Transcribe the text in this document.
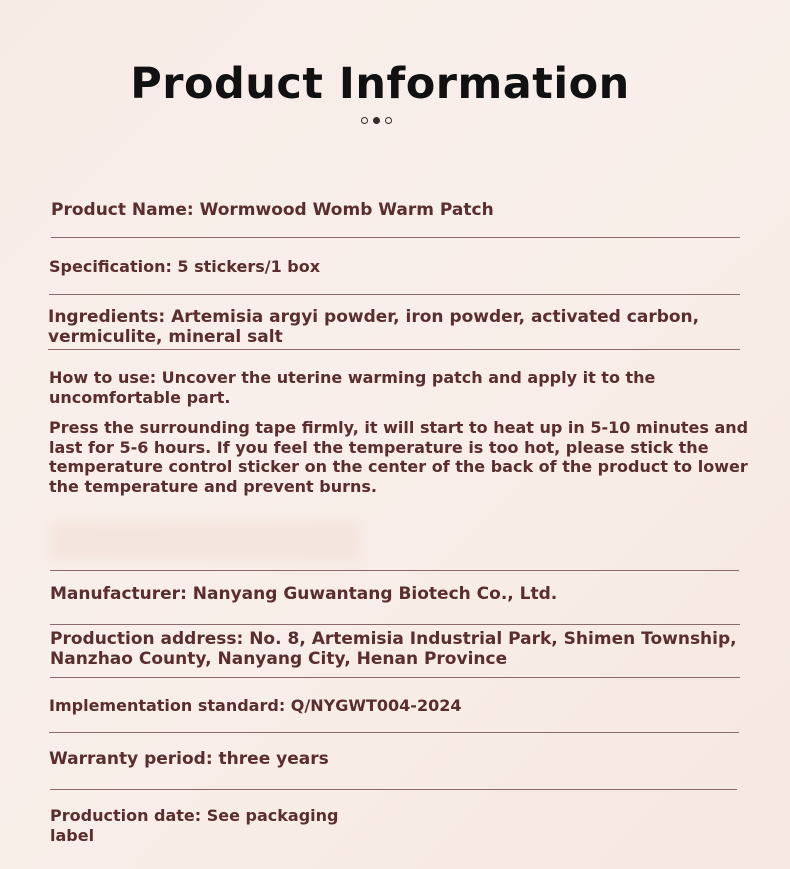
Product Information
Product Name: Wormwood Womb Warm Patch
Specification: 5 stickers/1 box
Ingredients: Artemisia argyi powder, iron powder, activated carbon,
vermiculite, mineral salt
How to use: Uncover the uterine warming patch and apply it to the
uncomfortable part.
Press the surrounding tape firmly, it will start to heat up in 5-10 minutes and
last for 5-6 hours. If you feel the temperature is too hot, please stick the
temperature control sticker on the center of the back of the product to lower
the temperature and prevent burns.
Manufacturer: Nanyang Guwantang Biotech Co., Ltd.
Production address: No. 8, Artemisia Industrial Park, Shimen Township,
Nanzhao County, Nanyang City, Henan Province
Implementation standard: Q/NYGWT004-2024
Warranty period: three years
Production date: See packaging
label
